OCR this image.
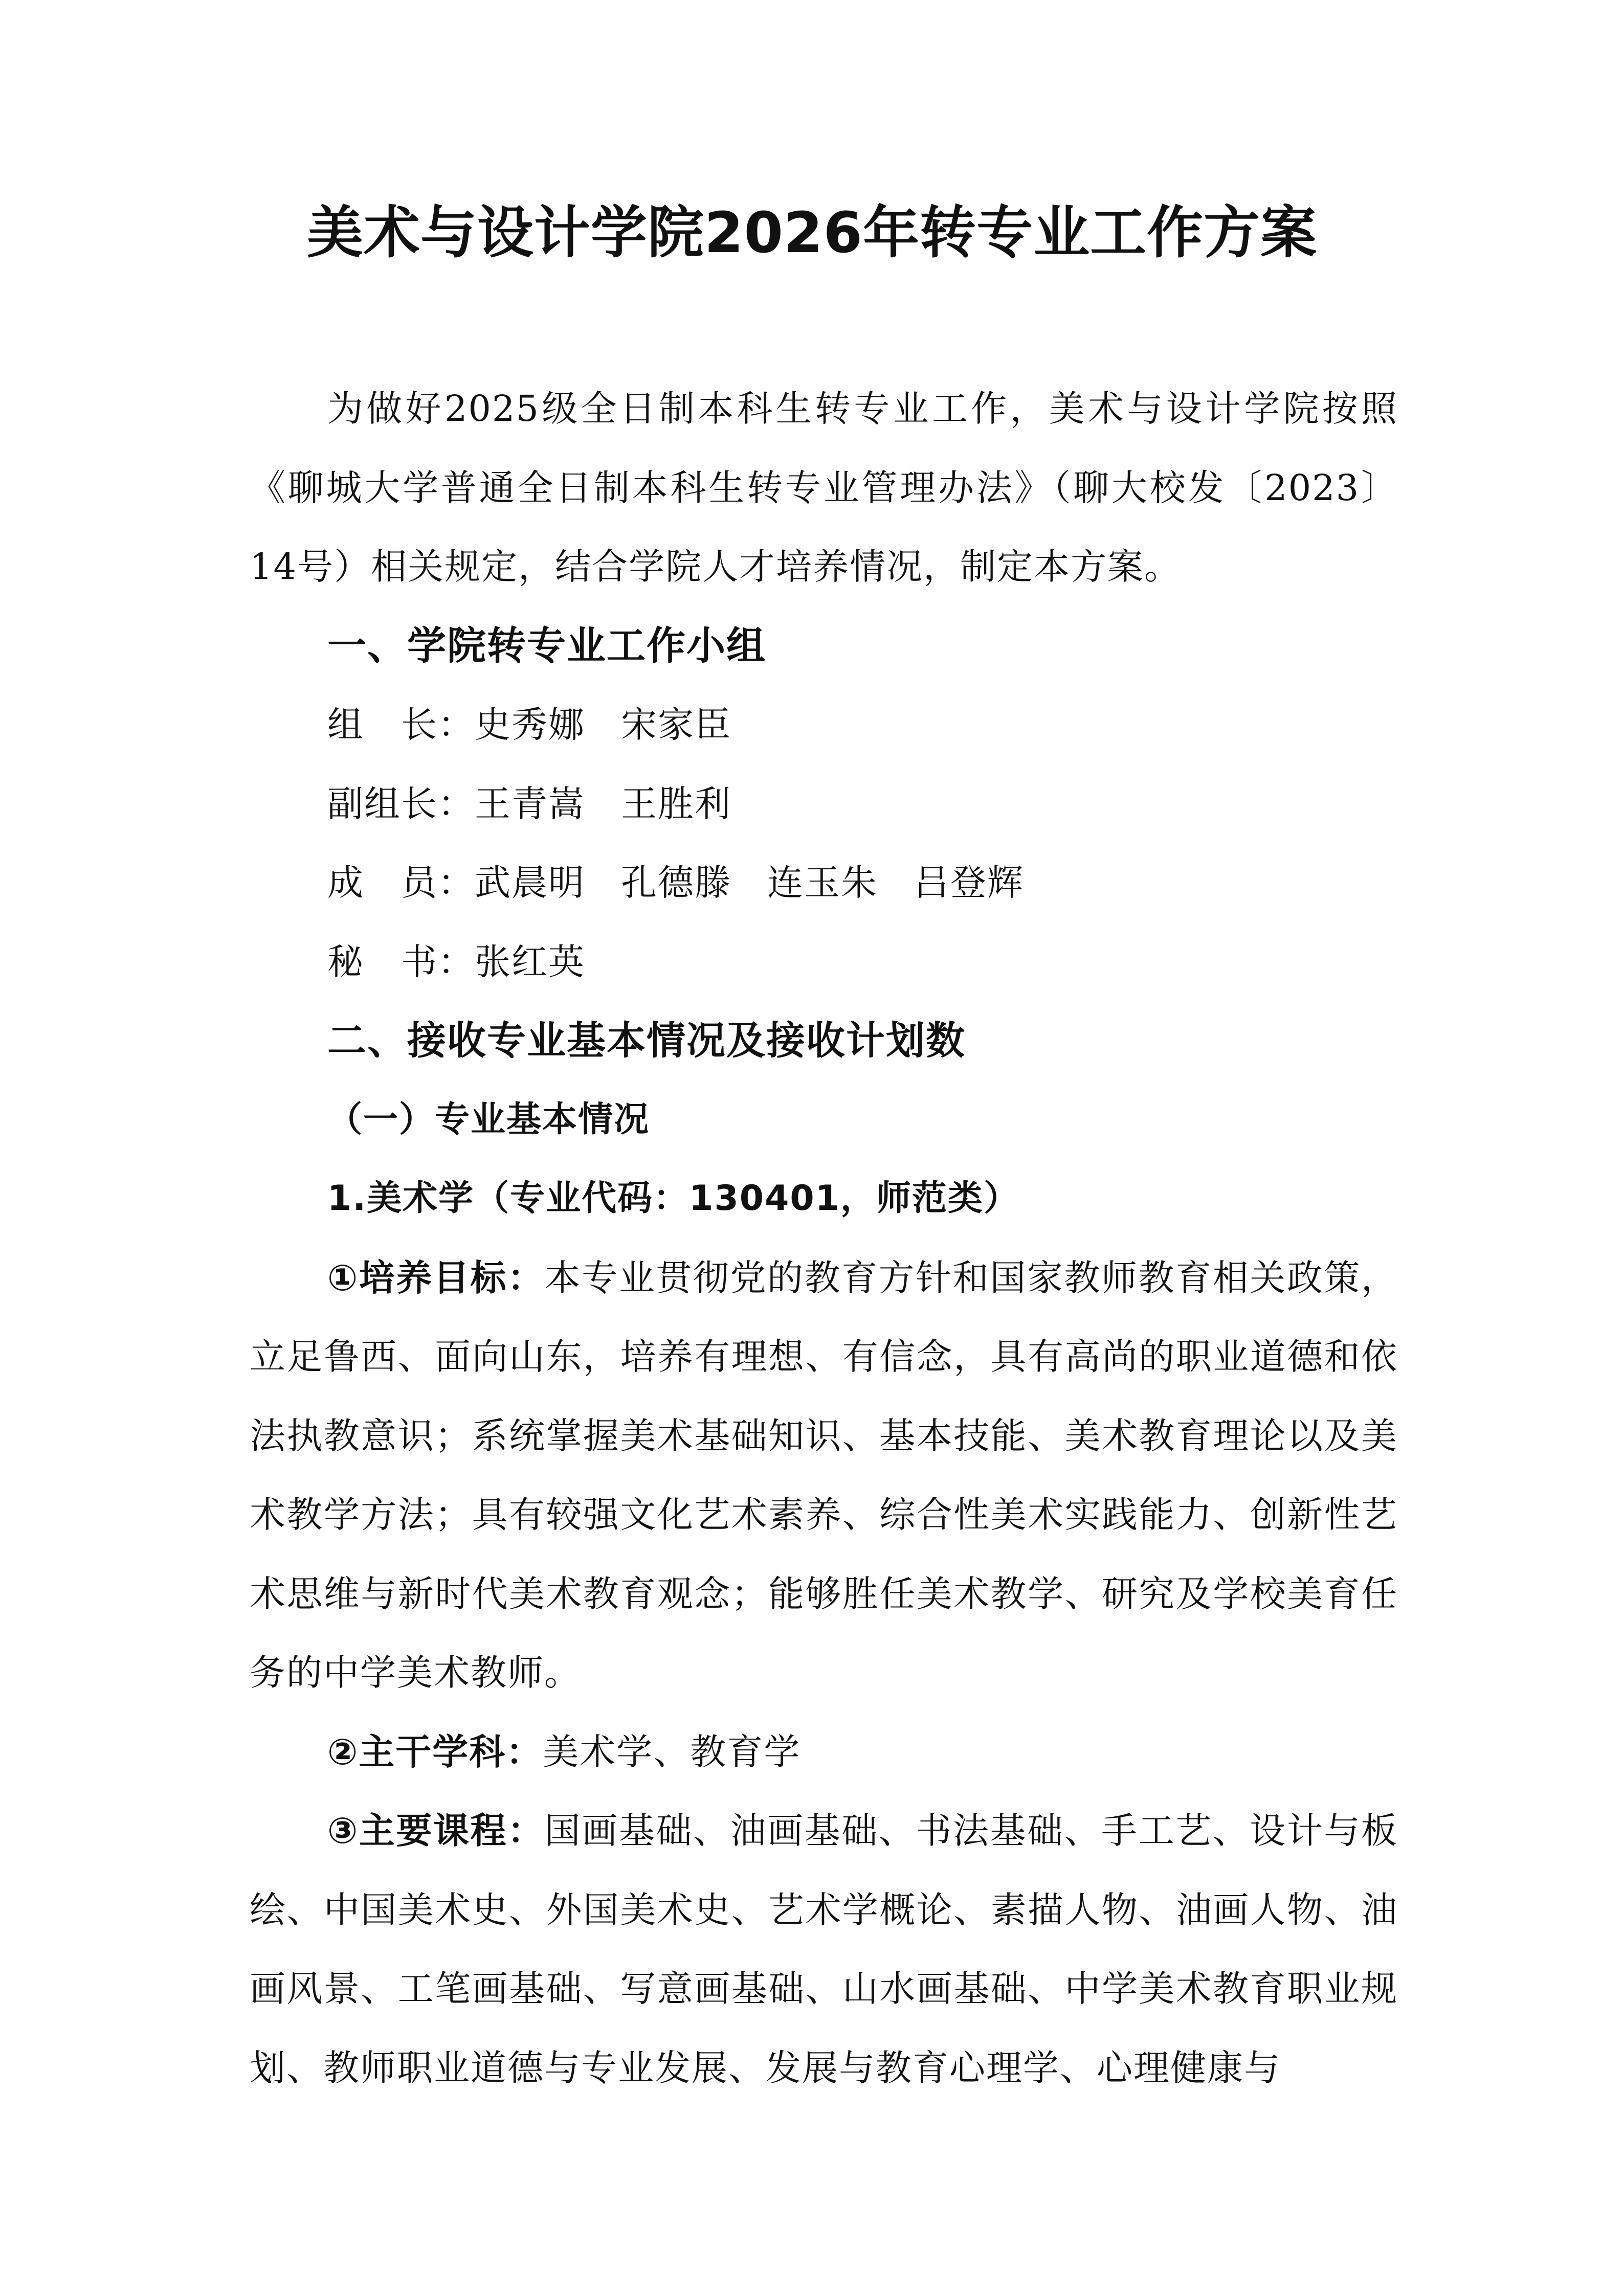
美术与设计学院2026年转专业工作方案

为做好2025级全日制本科生转专业工作，美术与设计学院按照《聊城大学普通全日制本科生转专业管理办法》（聊大校发〔2023〕14号）相关规定，结合学院人才培养情况，制定本方案。

一、学院转专业工作小组

组　长：史秀娜 宋家臣

副组长：王青嵩 王胜利

成　员：武晨明 孔德滕 连玉朱 吕登辉

秘　书：张红英

二、接收专业基本情况及接收计划数

（一）专业基本情况

1.美术学（专业代码：130401，师范类）

①培养目标：本专业贯彻党的教育方针和国家教师教育相关政策，立足鲁西、面向山东，培养有理想、有信念，具有高尚的职业道德和依法执教意识；系统掌握美术基础知识、基本技能、美术教育理论以及美术教学方法；具有较强文化艺术素养、综合性美术实践能力、创新性艺术思维与新时代美术教育观念；能够胜任美术教学、研究及学校美育任务的中学美术教师。

②主干学科：美术学、教育学

③主要课程：国画基础、油画基础、书法基础、手工艺、设计与板绘、中国美术史、外国美术史、艺术学概论、素描人物、油画人物、油画风景、工笔画基础、写意画基础、山水画基础、中学美术教育职业规划、教师职业道德与专业发展、发展与教育心理学、心理健康与
